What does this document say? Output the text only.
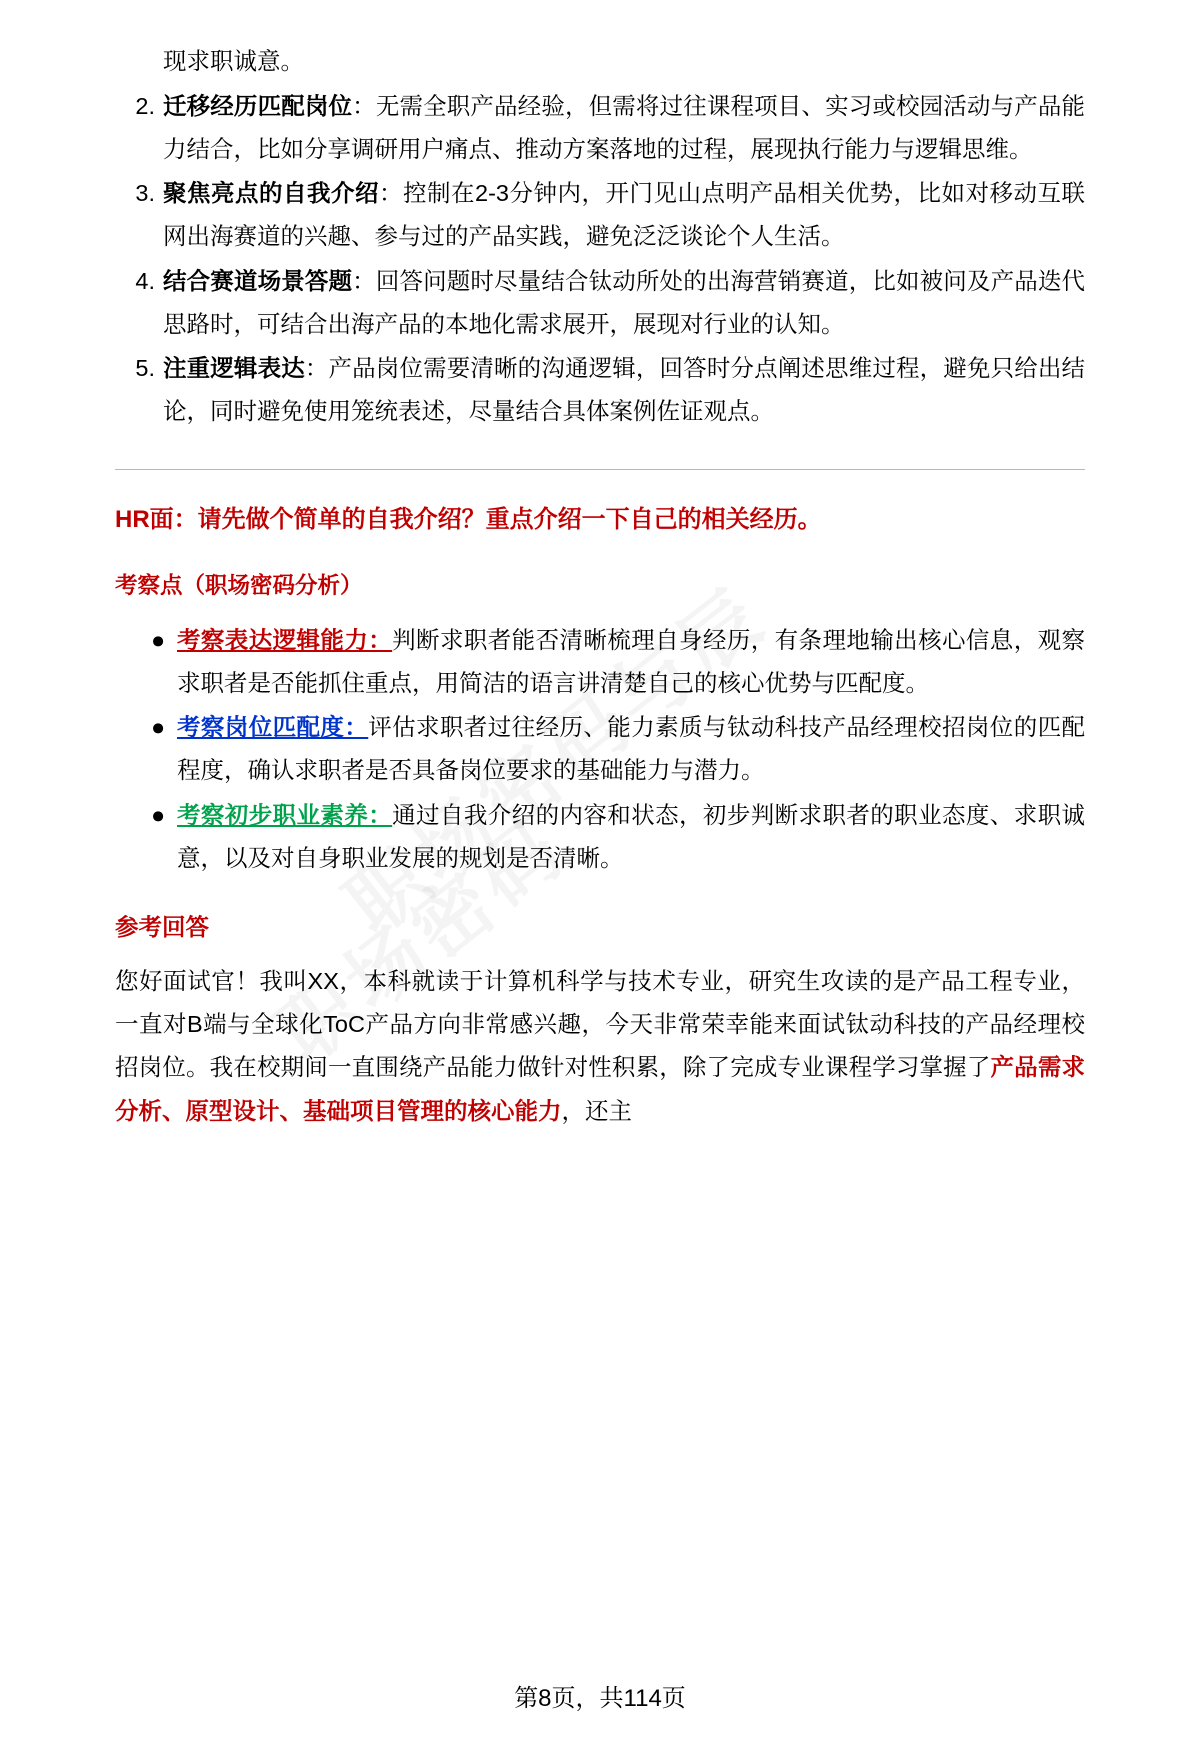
现求职诚意。

2. 迁移经历匹配岗位：无需全职产品经验，但需将过往课程项目、实习或校园活动与产品能力结合，比如分享调研用户痛点、推动方案落地的过程，展现执行能力与逻辑思维。
3. 聚焦亮点的自我介绍：控制在2-3分钟内，开门见山点明产品相关优势，比如对移动互联网出海赛道的兴趣、参与过的产品实践，避免泛泛谈论个人生活。
4. 结合赛道场景答题：回答问题时尽量结合钛动所处的出海营销赛道，比如被问及产品迭代思路时，可结合出海产品的本地化需求展开，展现对行业的认知。
5. 注重逻辑表达：产品岗位需要清晰的沟通逻辑，回答时分点阐述思维过程，避免只给出结论，同时避免使用笼统表述，尽量结合具体案例佐证观点。
HR面：请先做个简单的自我介绍？重点介绍一下自己的相关经历。
考察点（职场密码分析）
● 考察表达逻辑能力：判断求职者能否清晰梳理自身经历，有条理地输出核心信息，观察求职者是否能抓住重点，用简洁的语言讲清楚自己的核心优势与匹配度。
● 考察岗位匹配度：评估求职者过往经历、能力素质与钛动科技产品经理校招岗位的匹配程度，确认求职者是否具备岗位要求的基础能力与潜力。
● 考察初步职业素养：通过自我介绍的内容和状态，初步判断求职者的职业态度、求职诚意，以及对自身职业发展的规划是否清晰。
参考回答

您好面试官！我叫XX，本科就读于计算机科学与技术专业，研究生攻读的是产品工程专业，一直对B端与全球化ToC产品方向非常感兴趣，今天非常荣幸能来面试钛动科技的产品经理校招岗位。我在校期间一直围绕产品能力做针对性积累，除了完成专业课程学习掌握了产品需求分析、原型设计、基础项目管理的核心能力，还主

第8页，共114页
